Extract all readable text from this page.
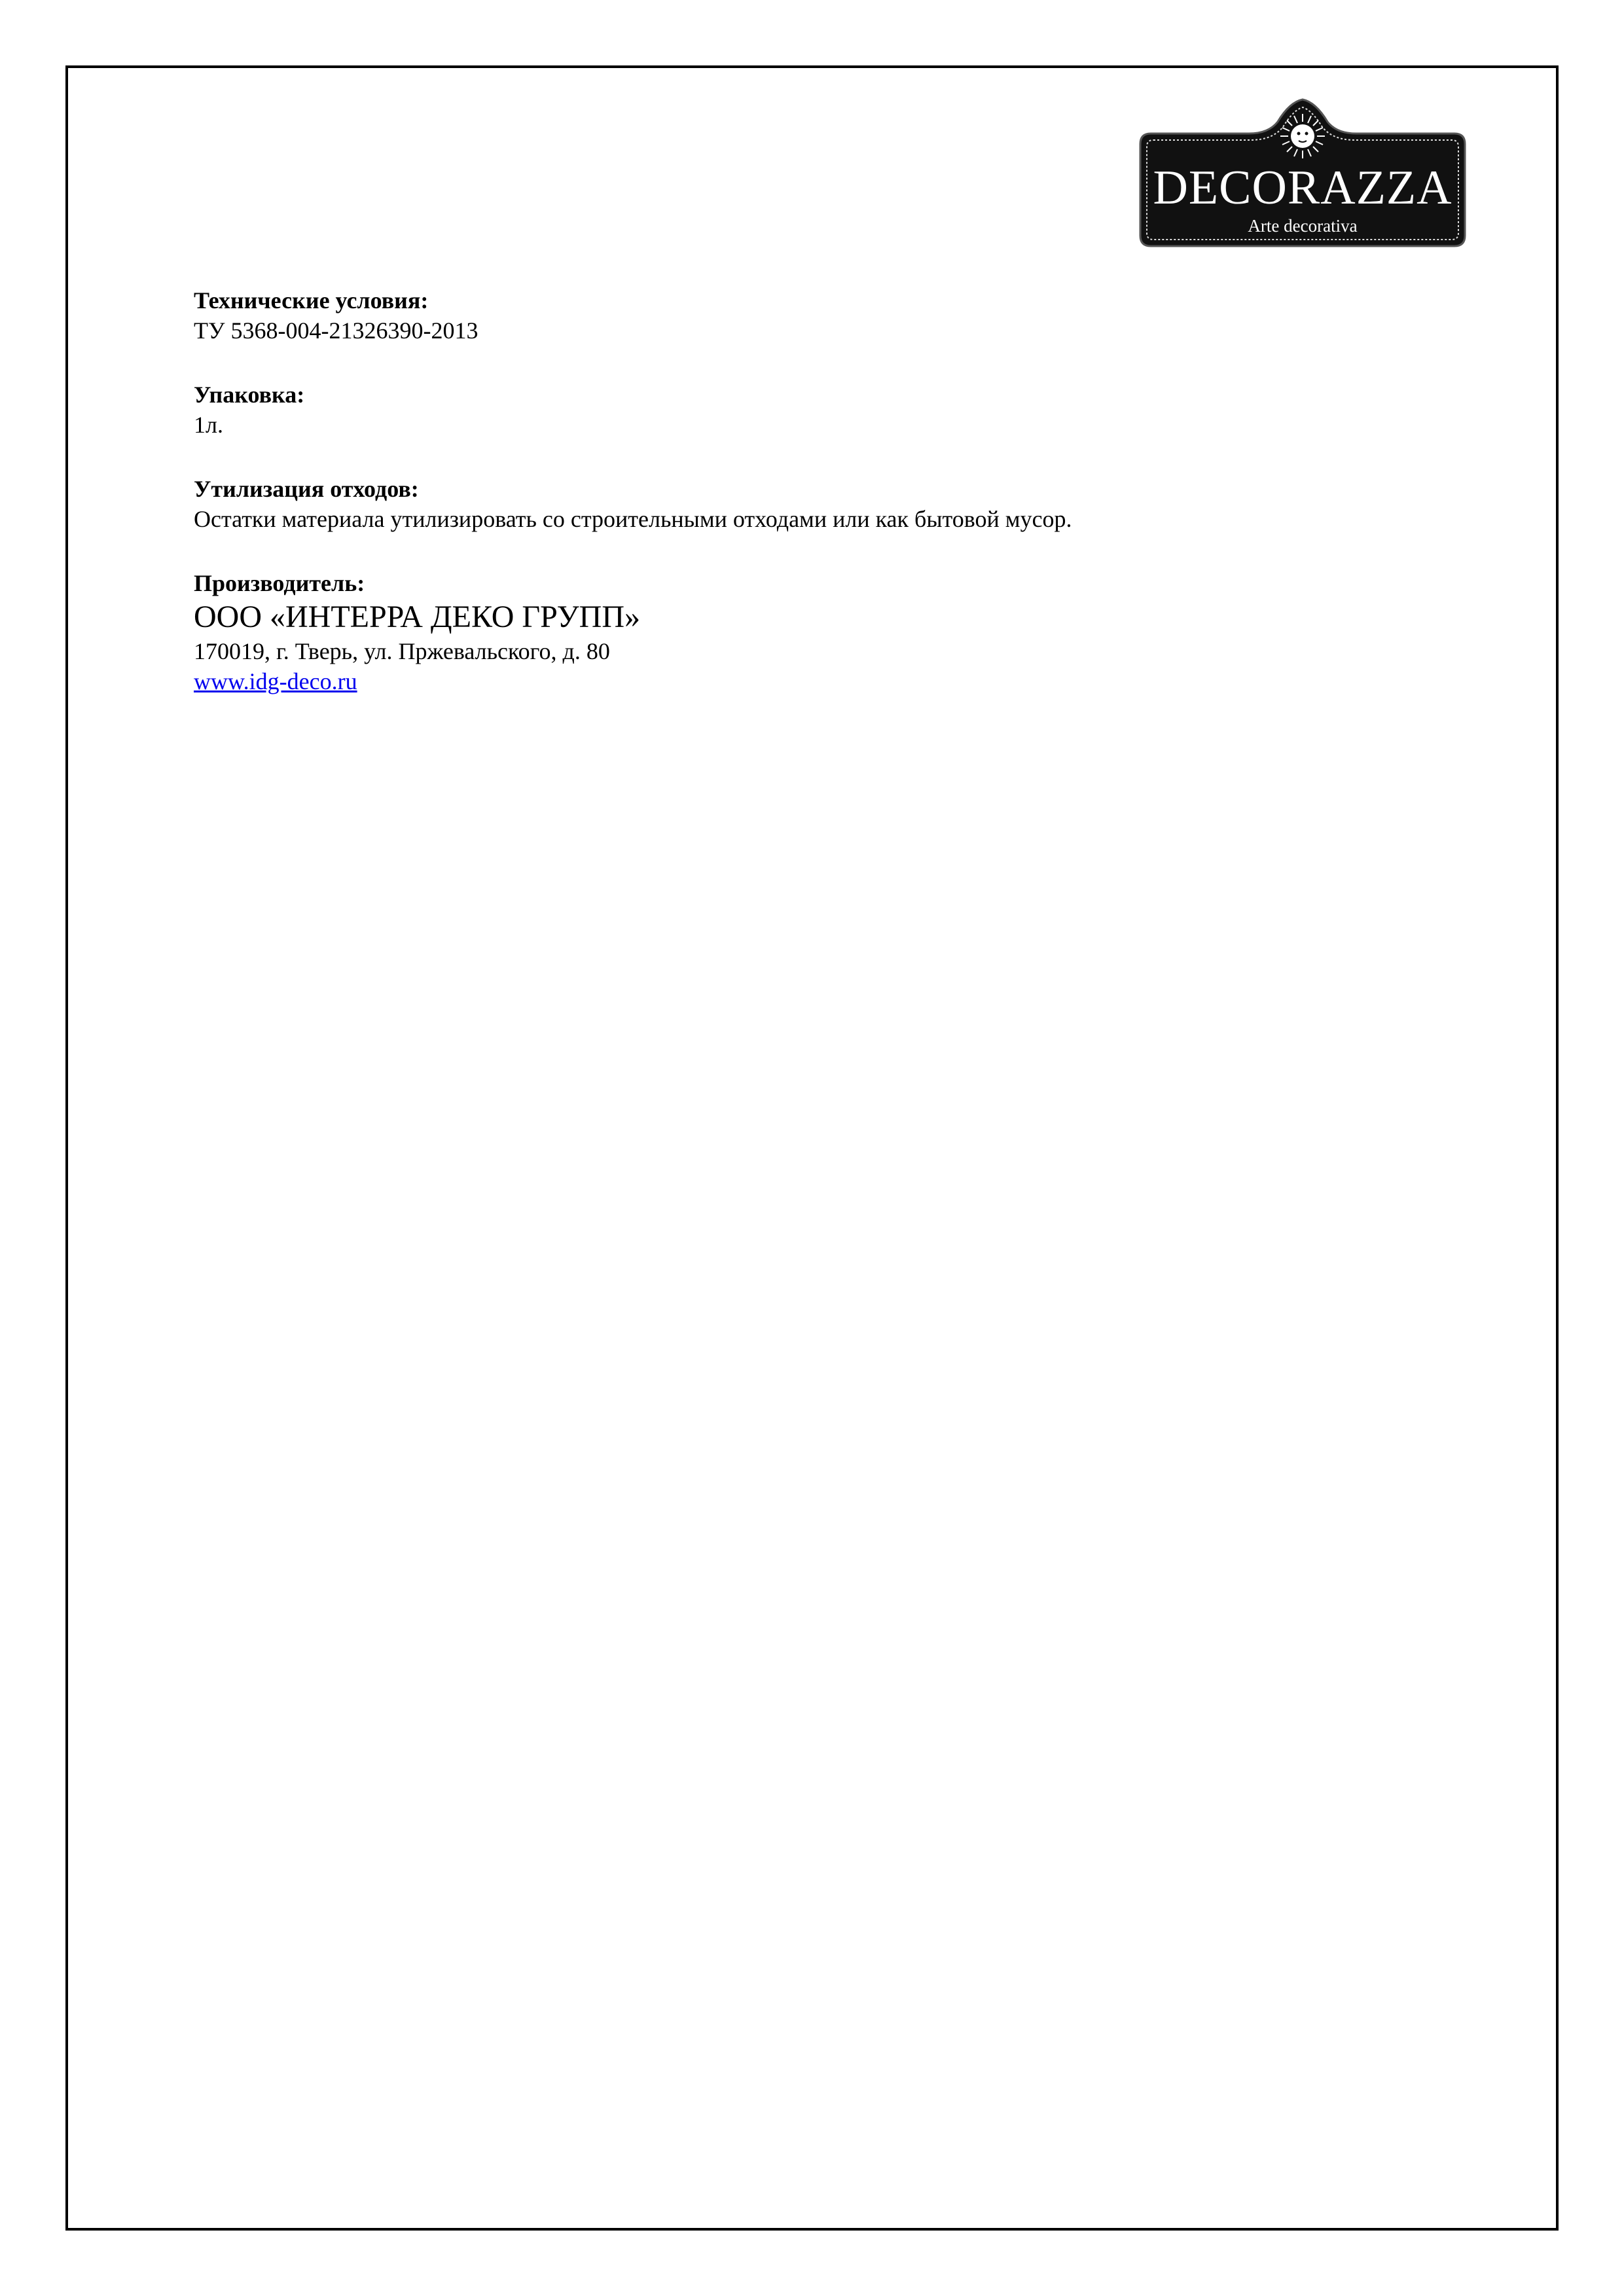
DECORAZZA
Arte decorativa
Технические условия:
ТУ 5368-004-21326390-2013
Упаковка:
1л.
Утилизация отходов:
Остатки материала утилизировать со строительными отходами или как бытовой мусор.
Производитель:
ООО «ИНТЕРРА ДЕКО ГРУПП»
170019, г. Тверь, ул. Пржевальского, д. 80
www.idg-deco.ru
